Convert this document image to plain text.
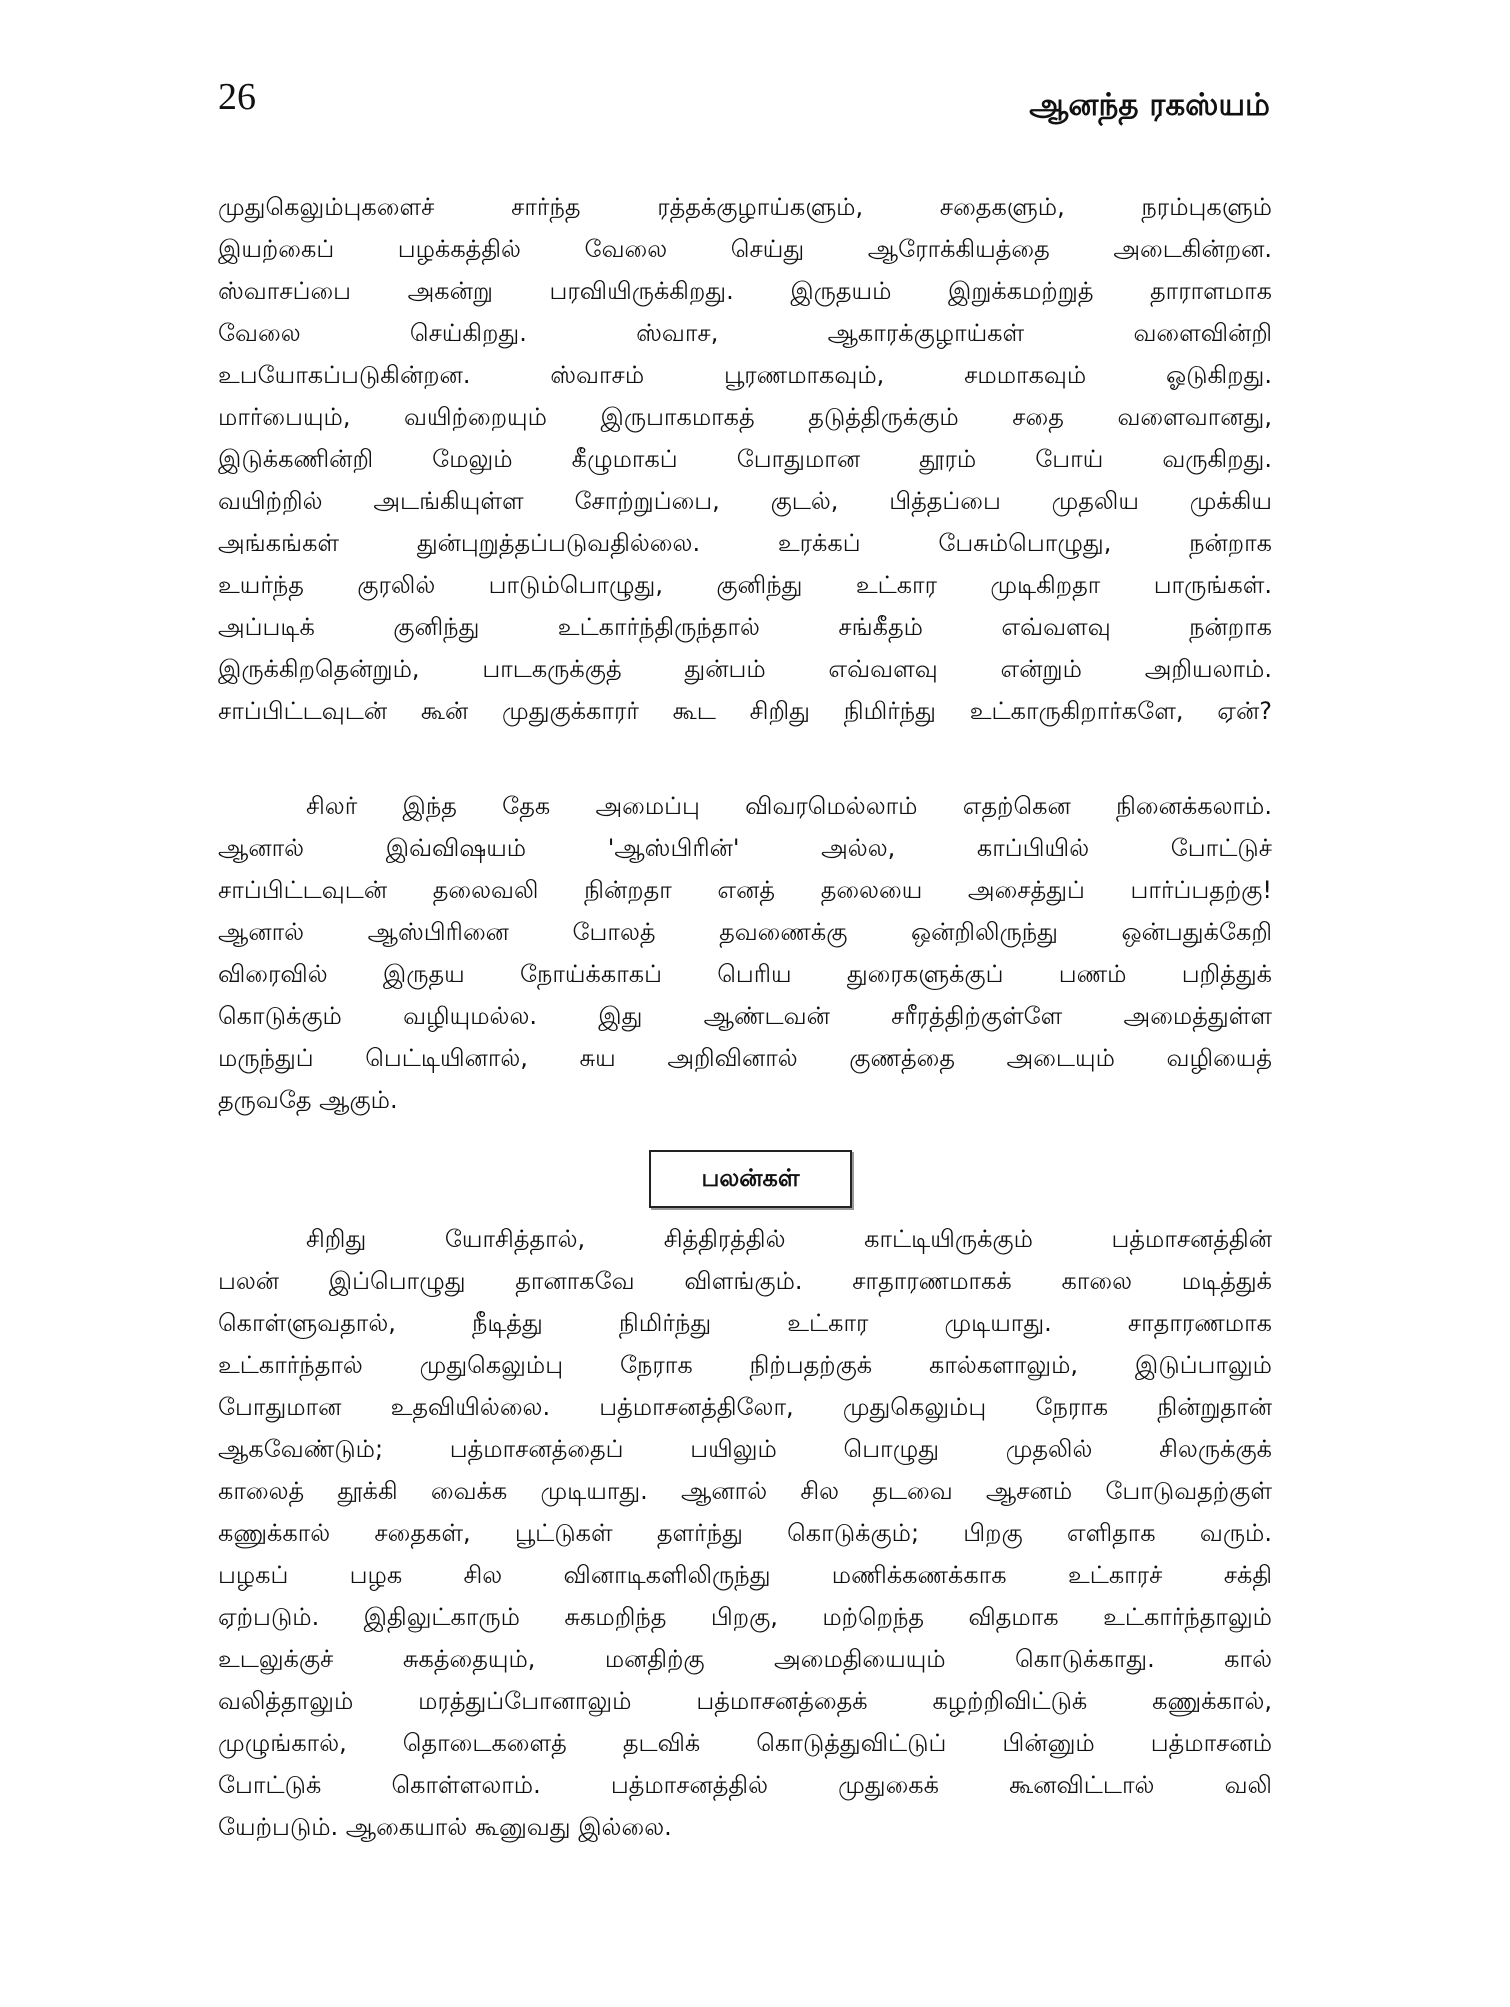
26	ஆனந்த ரகஸ்யம்
முதுகெலும்புகளைச் சார்ந்த ரத்தக்குழாய்களும், சதைகளும், நரம்புகளும்
இயற்கைப் பழக்கத்தில் வேலை செய்து ஆரோக்கியத்தை அடைகின்றன.
ஸ்வாசப்பை அகன்று பரவியிருக்கிறது. இருதயம் இறுக்கமற்றுத் தாராளமாக
வேலை செய்கிறது. ஸ்வாச, ஆகாரக்குழாய்கள் வளைவின்றி
உபயோகப்படுகின்றன. ஸ்வாசம் பூரணமாகவும், சமமாகவும் ஓடுகிறது.
மார்பையும், வயிற்றையும் இருபாகமாகத் தடுத்திருக்கும் சதை வளைவானது,
இடுக்கணின்றி மேலும் கீழுமாகப் போதுமான தூரம் போய் வருகிறது.
வயிற்றில் அடங்கியுள்ள சோற்றுப்பை, குடல், பித்தப்பை முதலிய முக்கிய
அங்கங்கள் துன்புறுத்தப்படுவதில்லை. உரக்கப் பேசும்பொழுது, நன்றாக
உயர்ந்த குரலில் பாடும்பொழுது, குனிந்து உட்கார முடிகிறதா பாருங்கள்.
அப்படிக் குனிந்து உட்கார்ந்திருந்தால் சங்கீதம் எவ்வளவு நன்றாக
இருக்கிறதென்றும், பாடகருக்குத் துன்பம் எவ்வளவு என்றும் அறியலாம்.
சாப்பிட்டவுடன் கூன் முதுகுக்காரர் கூட சிறிது நிமிர்ந்து உட்காருகிறார்களே, ஏன்?
சிலர் இந்த தேக அமைப்பு விவரமெல்லாம் எதற்கென நினைக்கலாம்.
ஆனால் இவ்விஷயம் 'ஆஸ்பிரின்' அல்ல, காப்பியில் போட்டுச்
சாப்பிட்டவுடன் தலைவலி நின்றதா எனத் தலையை அசைத்துப் பார்ப்பதற்கு!
ஆனால் ஆஸ்பிரினை போலத் தவணைக்கு ஒன்றிலிருந்து ஒன்பதுக்கேறி
விரைவில் இருதய நோய்க்காகப் பெரிய துரைகளுக்குப் பணம் பறித்துக்
கொடுக்கும் வழியுமல்ல. இது ஆண்டவன் சரீரத்திற்குள்ளே அமைத்துள்ள
மருந்துப் பெட்டியினால், சுய அறிவினால் குணத்தை அடையும் வழியைத்
தருவதே ஆகும்.
பலன்கள்
சிறிது யோசித்தால், சித்திரத்தில் காட்டியிருக்கும் பத்மாசனத்தின்
பலன் இப்பொழுது தானாகவே விளங்கும். சாதாரணமாகக் காலை மடித்துக்
கொள்ளுவதால், நீடித்து நிமிர்ந்து உட்கார முடியாது. சாதாரணமாக
உட்கார்ந்தால் முதுகெலும்பு நேராக நிற்பதற்குக் கால்களாலும், இடுப்பாலும்
போதுமான உதவியில்லை. பத்மாசனத்திலோ, முதுகெலும்பு நேராக நின்றுதான்
ஆகவேண்டும்; பத்மாசனத்தைப் பயிலும் பொழுது முதலில் சிலருக்குக்
காலைத் தூக்கி வைக்க முடியாது. ஆனால் சில தடவை ஆசனம் போடுவதற்குள்
கணுக்கால் சதைகள், பூட்டுகள் தளர்ந்து கொடுக்கும்; பிறகு எளிதாக வரும்.
பழகப் பழக சில வினாடிகளிலிருந்து மணிக்கணக்காக உட்காரச் சக்தி
ஏற்படும். இதிலுட்காரும் சுகமறிந்த பிறகு, மற்றெந்த விதமாக உட்கார்ந்தாலும்
உடலுக்குச் சுகத்தையும், மனதிற்கு அமைதியையும் கொடுக்காது. கால்
வலித்தாலும் மரத்துப்போனாலும் பத்மாசனத்தைக் கழற்றிவிட்டுக் கணுக்கால்,
முழுங்கால், தொடைகளைத் தடவிக் கொடுத்துவிட்டுப் பின்னும் பத்மாசனம்
போட்டுக் கொள்ளலாம். பத்மாசனத்தில் முதுகைக் கூனவிட்டால் வலி
யேற்படும். ஆகையால் கூனுவது இல்லை.
